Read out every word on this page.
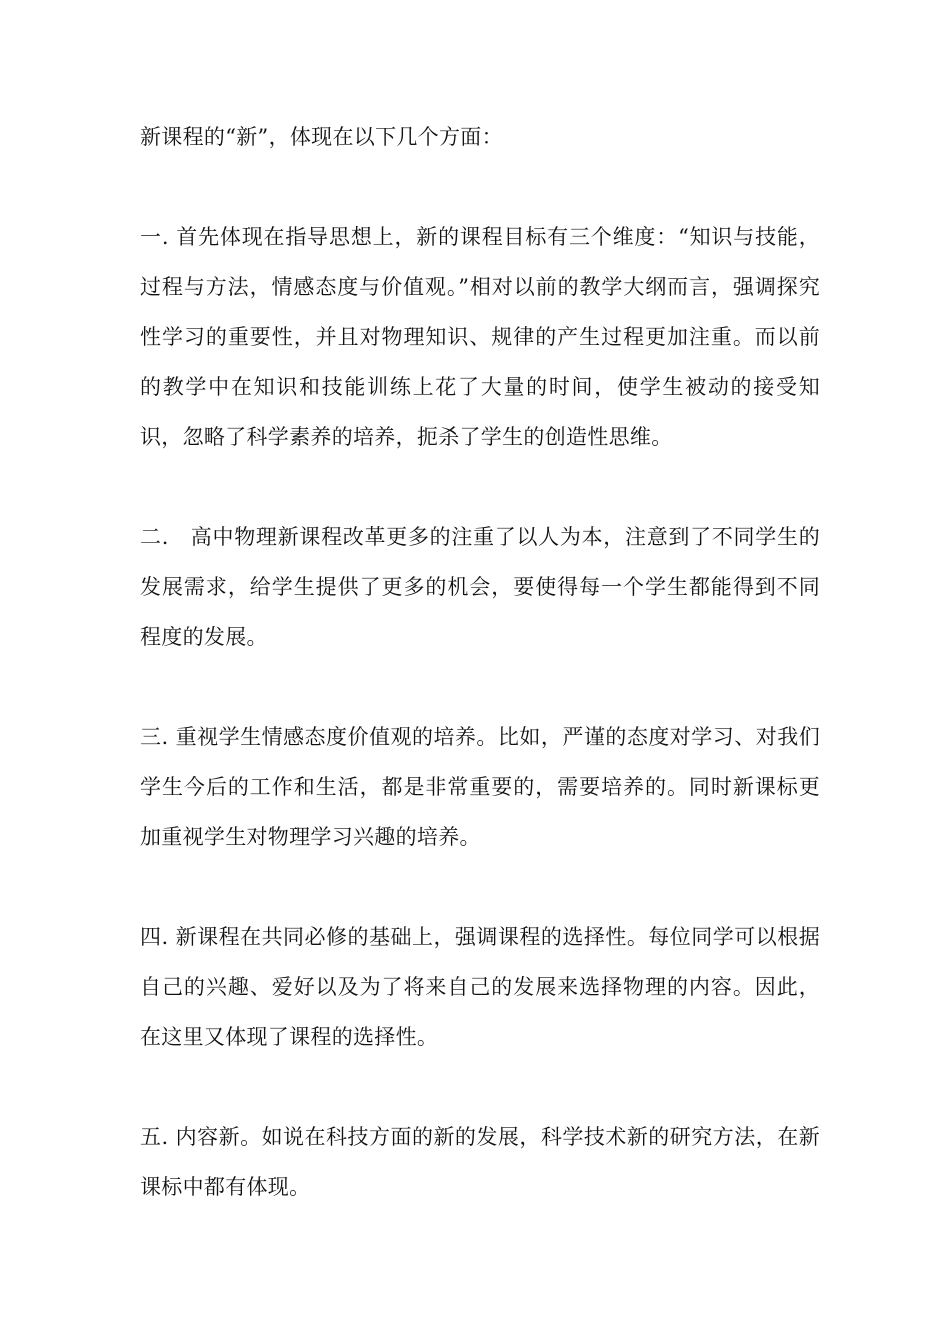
新课程的“新”，体现在以下几个方面：

一. 首先体现在指导思想上，新的课程目标有三个维度：“知识与技能，过程与方法，情感态度与价值观。”相对以前的教学大纲而言，强调探究性学习的重要性，并且对物理知识、规律的产生过程更加注重。而以前的教学中在知识和技能训练上花了大量的时间，使学生被动的接受知识，忽略了科学素养的培养，扼杀了学生的创造性思维。

二.　高中物理新课程改革更多的注重了以人为本，注意到了不同学生的发展需求，给学生提供了更多的机会，要使得每一个学生都能得到不同程度的发展。

三. 重视学生情感态度价值观的培养。比如，严谨的态度对学习、对我们学生今后的工作和生活，都是非常重要的，需要培养的。同时新课标更加重视学生对物理学习兴趣的培养。

四. 新课程在共同必修的基础上，强调课程的选择性。每位同学可以根据自己的兴趣、爱好以及为了将来自己的发展来选择物理的内容。因此，在这里又体现了课程的选择性。

五. 内容新。如说在科技方面的新的发展，科学技术新的研究方法，在新课标中都有体现。
